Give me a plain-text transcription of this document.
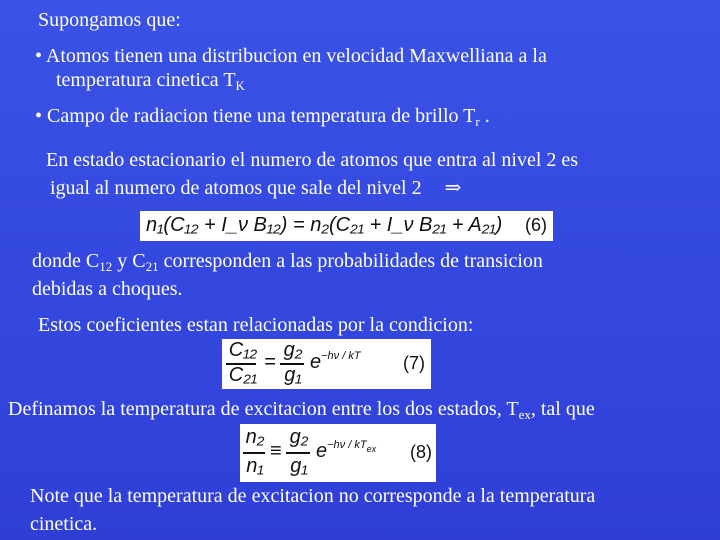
Supongamos que:

• Atomos tienen una distribucion en velocidad Maxwelliana a la

temperatura cinetica $T_K$

• Campo de radiacion tiene una temperatura de brillo $T_r$ .

En estado estacionario el numero de atomos que entra al nivel 2 es

igual al numero de atomos que sale del nivel 2 ⇒

n₁(C₁₂ + I_ν B₁₂) = n₂(C₂₁ + I_ν B₂₁ + A₂₁) (6)

donde $C_{12}$ y $C_{21}$ corresponden a las probabilidades de transicion

debidas a choques.

Estos coeficientes estan relacionadas por la condicion:

C₁₂
C₂₁
=
g₂
g₁
$e^{-h\nu / kT}$ (7)

Definamos la temperatura de excitacion entre los dos estados, $T_{ex}$, tal que

n₂
n₁
≡
g₂
g₁
$e^{-h\nu / kTex}$ (8)

Note que la temperatura de excitacion no corresponde a la temperatura

cinetica.
